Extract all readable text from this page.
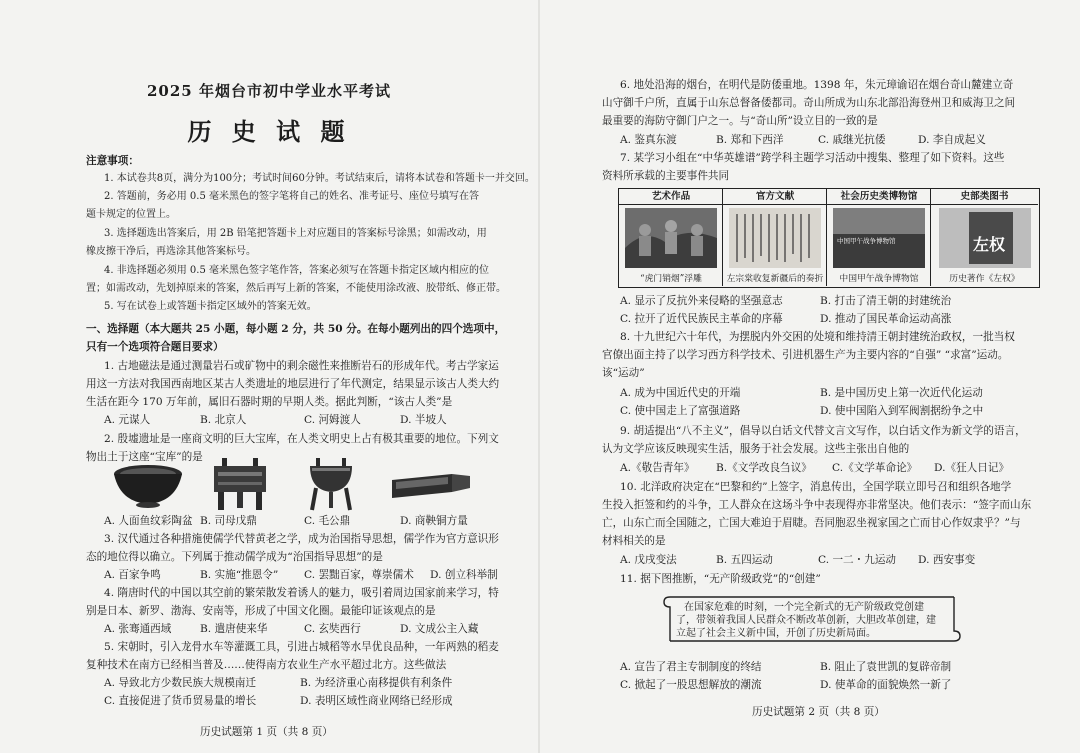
2025 年烟台市初中学业水平考试
历 史 试 题
注意事项：
1. 本试卷共8页，满分为100分；考试时间60分钟。考试结束后，请将本试卷和答题卡一并交回。
2. 答题前，务必用 0.5 毫米黑色的签字笔将自己的姓名、准考证号、座位号填写在答
题卡规定的位置上。
3. 选择题选出答案后，用 2B 铅笔把答题卡上对应题目的答案标号涂黑；如需改动，用
橡皮擦干净后，再选涂其他答案标号。
4. 非选择题必须用 0.5 毫米黑色签字笔作答，答案必须写在答题卡指定区域内相应的位
置；如需改动，先划掉原来的答案，然后再写上新的答案，不能使用涂改液、胶带纸、修正带。
5. 写在试卷上或答题卡指定区域外的答案无效。
一、选择题（本大题共 25 小题，每小题 2 分，共 50 分。在每小题列出的四个选项中，
只有一个选项符合题目要求）
1. 古地磁法是通过测量岩石或矿物中的剩余磁性来推断岩石的形成年代。考古学家运
用这一方法对我国西南地区某古人类遗址的地层进行了年代测定，结果显示该古人类大约
生活在距今 170 万年前，属旧石器时期的早期人类。据此判断，“该古人类”是
A. 元谋人	B. 北京人	C. 河姆渡人	D. 半坡人
2. 殷墟遗址是一座商文明的巨大宝库，在人类文明史上占有极其重要的地位。下列文
物出土于这座“宝库”的是
A. 人面鱼纹彩陶盆 B. 司母戊鼎	C. 毛公鼎	D. 商鞅铜方量
3. 汉代通过各种措施使儒学代替黄老之学，成为治国指导思想，儒学作为官方意识形
态的地位得以确立。下列属于推动儒学成为“治国指导思想”的是
A. 百家争鸣	B. 实施“推恩令” C. 罢黜百家，尊崇儒术 D. 创立科举制
4. 隋唐时代的中国以其空前的繁荣散发着诱人的魅力，吸引着周边国家前来学习，特
别是日本、新罗、渤海、安南等，形成了中国文化圈。最能印证该观点的是
A. 张骞通西域	B. 遣唐使来华	C. 玄奘西行	D. 文成公主入藏
5. 宋朝时，引入龙骨水车等灌溉工具，引进占城稻等水旱优良品种，一年两熟的稻麦
复种技术在南方已经相当普及……使得南方农业生产水平超过北方。这些做法
A. 导致北方少数民族大规模南迁	B. 为经济重心南移提供有利条件
C. 直接促进了货币贸易量的增长	D. 表明区域性商业网络已经形成
历史试题第 1 页（共 8 页）
6. 地处沿海的烟台，在明代是防倭重地。1398 年，朱元璋谕诏在烟台奇山麓建立奇
山守御千户所，直属于山东总督备倭都司。奇山所成为山东北部沿海登州卫和威海卫之间
最重要的海防守御门户之一。与“奇山所”设立目的一致的是
A. 鉴真东渡	B. 郑和下西洋	C. 戚继光抗倭	D. 李自成起义
7. 某学习小组在“中华英雄谱”跨学科主题学习活动中搜集、整理了如下资料。这些
资料所承载的主要事件共同
艺术作品	官方文献	社会历史类博物馆	史部类图书
中国甲午战争博物馆	左权
“虎门销烟”浮雕	左宗棠收复新疆后的奏折	中国甲午战争博物馆	历史著作《左权》
A. 显示了反抗外来侵略的坚强意志	B. 打击了清王朝的封建统治
C. 拉开了近代民族民主革命的序幕	D. 推动了国民革命运动高涨
8. 十九世纪六十年代，为摆脱内外交困的处境和维持清王朝封建统治政权，一批当权
官僚出面主持了以学习西方科学技术、引进机器生产为主要内容的“自强” “求富”运动。
该“运动”
A. 成为中国近代史的开端	B. 是中国历史上第一次近代化运动
C. 使中国走上了富强道路	D. 使中国陷入到军阀割据纷争之中
9. 胡适提出“八不主义”，倡导以白话文代替文言文写作，以白话文作为新文学的语言，
认为文学应该反映现实生活，服务于社会发展。这些主张出自他的
A.《敬告青年》 B.《文学改良刍议》 C.《文学革命论》 D.《狂人日记》
10. 北洋政府决定在“巴黎和约”上签字，消息传出，全国学联立即号召和组织各地学
生投入拒签和约的斗争，工人群众在这场斗争中表现得亦非常坚决。他们表示：“签字而山东
亡，山东亡而全国随之，亡国大难迫于眉睫。吾同胞忍坐视家国之亡而甘心作奴隶乎？”与
材料相关的是
A. 戊戌变法	B. 五四运动	C. 一二・九运动 D. 西安事变
11. 据下图推断，“无产阶级政党”的“创建”
在国家危难的时刻，一个完全新式的无产阶级政党创建
了，带领着我国人民群众不断改革创新，大胆改革创建，建
立起了社会主义新中国，开创了历史新局面。
A. 宣告了君主专制制度的终结	B. 阻止了袁世凯的复辟帝制
C. 掀起了一股思想解放的潮流	D. 使革命的面貌焕然一新了
历史试题第 2 页（共 8 页）
